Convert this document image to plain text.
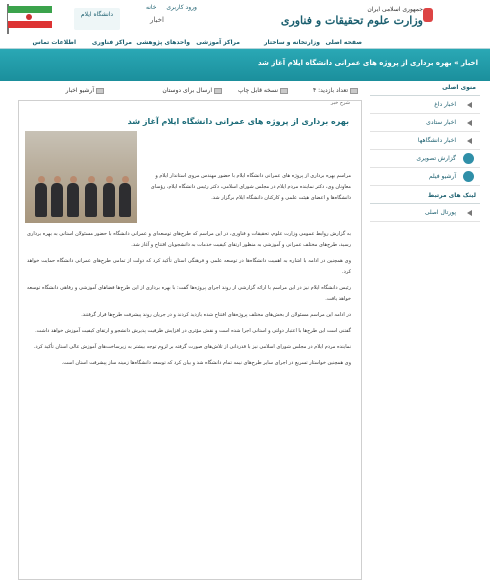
جمهوری اسلامی ایران
وزارت علوم تحقیقات و فناوری
ورود کاربری خانه
اخبار
دانشگاه ایلام
صفحه اصلی
وزارتخانه و ساختار
مراکز آموزشی
واحدهای پژوهشی
مراکز فناوری
اطلاعات تماس
اخبار » بهره برداری از پروژه های عمرانی دانشگاه ایلام آغاز شد
تعداد بازدید: ۴
نسخه قابل چاپ
ارسال برای دوستان
آرشیو اخبار
شرح خبر
بهره برداری از پروژه های عمرانی دانشگاه ایلام آغاز شد
مراسم بهره برداری از پروژه های عمرانی دانشگاه ایلام با حضور مهندس مروی استاندار ایلام و معاونان وی، دکتر نماینده مردم ایلام در مجلس شورای اسلامی، دکتر رئیس دانشگاه ایلام، رؤسای دانشگاه‌ها و اعضای هیئت علمی و کارکنان دانشگاه ایلام برگزار شد.

به گزارش روابط عمومی وزارت علوم، تحقیقات و فناوری، در این مراسم که طرح‌های توسعه‌ای و عمرانی دانشگاه با حضور مسئولان استانی به بهره برداری رسید، طرح‌های مختلف عمرانی و آموزشی به منظور ارتقای کیفیت خدمات به دانشجویان افتتاح و آغاز شد.

وی همچنین در ادامه با اشاره به اهمیت دانشگاه‌ها در توسعه علمی و فرهنگی استان تأکید کرد که دولت از تمامی طرح‌های عمرانی دانشگاه حمایت خواهد کرد.

رئیس دانشگاه ایلام نیز در این مراسم با ارائه گزارشی از روند اجرای پروژه‌ها گفت: با بهره برداری از این طرح‌ها فضاهای آموزشی و رفاهی دانشگاه توسعه خواهد یافت.

در ادامه این مراسم مسئولان از بخش‌های مختلف پروژه‌های افتتاح شده بازدید کردند و در جریان روند پیشرفت طرح‌ها قرار گرفتند.

گفتنی است این طرح‌ها با اعتبار دولتی و استانی اجرا شده است و نقش مؤثری در افزایش ظرفیت پذیرش دانشجو و ارتقای کیفیت آموزش خواهد داشت.

نماینده مردم ایلام در مجلس شورای اسلامی نیز با قدردانی از تلاش‌های صورت گرفته بر لزوم توجه بیشتر به زیرساخت‌های آموزش عالی استان تأکید کرد.

وی همچنین خواستار تسریع در اجرای سایر طرح‌های نیمه تمام دانشگاه شد و بیان کرد که توسعه دانشگاه‌ها زمینه ساز پیشرفت استان است.

منوی اصلی
اخبار داغ
اخبار ستادی
اخبار دانشگاهها
گزارش تصویری
آرشیو فیلم
لینک های مرتبط
پورتال اصلی
